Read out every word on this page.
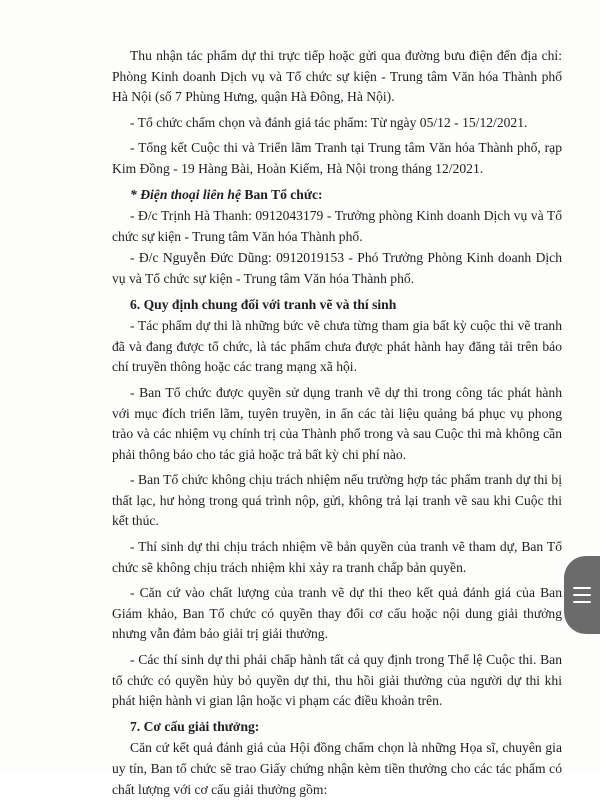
Thu nhận tác phẩm dự thi trực tiếp hoặc gửi qua đường bưu điện đến địa chỉ: Phòng Kinh doanh Dịch vụ và Tổ chức sự kiện - Trung tâm Văn hóa Thành phố Hà Nội (số 7 Phùng Hưng, quận Hà Đông, Hà Nội).

- Tổ chức chấm chọn và đánh giá tác phẩm: Từ ngày 05/12 - 15/12/2021.

- Tổng kết Cuộc thi và Triển lãm Tranh tại Trung tâm Văn hóa Thành phố, rạp Kim Đồng - 19 Hàng Bài, Hoàn Kiếm, Hà Nội trong tháng 12/2021.

* Điện thoại liên hệ Ban Tổ chức:

- Đ/c Trịnh Hà Thanh: 0912043179 - Trưởng phòng Kinh doanh Dịch vụ và Tổ chức sự kiện - Trung tâm Văn hóa Thành phố.

- Đ/c Nguyễn Đức Dũng: 0912019153 - Phó Trưởng Phòng Kinh doanh Dịch vụ và Tổ chức sự kiện - Trung tâm Văn hóa Thành phố.

6. Quy định chung đối với tranh vẽ và thí sinh

- Tác phẩm dự thi là những bức vẽ chưa từng tham gia bất kỳ cuộc thi vẽ tranh đã và đang được tổ chức, là tác phẩm chưa được phát hành hay đăng tải trên báo chí truyền thông hoặc các trang mạng xã hội.

- Ban Tổ chức được quyền sử dụng tranh vẽ dự thi trong công tác phát hành với mục đích triển lãm, tuyên truyền, in ấn các tài liệu quảng bá phục vụ phong trào và các nhiệm vụ chính trị của Thành phố trong và sau Cuộc thi mà không cần phải thông báo cho tác giả hoặc trả bất kỳ chi phí nào.

- Ban Tổ chức không chịu trách nhiệm nếu trường hợp tác phẩm tranh dự thi bị thất lạc, hư hỏng trong quá trình nộp, gửi, không trả lại tranh vẽ sau khi Cuộc thi kết thúc.

- Thí sinh dự thi chịu trách nhiệm về bản quyền của tranh vẽ tham dự, Ban Tổ chức sẽ không chịu trách nhiệm khi xảy ra tranh chấp bản quyền.

- Căn cứ vào chất lượng của tranh vẽ dự thi theo kết quả đánh giá của Ban Giám khảo, Ban Tổ chức có quyền thay đổi cơ cấu hoặc nội dung giải thưởng nhưng vẫn đảm bảo giải trị giải thưởng.

- Các thí sinh dự thi phải chấp hành tất cả quy định trong Thể lệ Cuộc thi. Ban tổ chức có quyền hủy bỏ quyền dự thi, thu hồi giải thưởng của người dự thi khi phát hiện hành vi gian lận hoặc vi phạm các điều khoản trên.

7. Cơ cấu giải thưởng:

Căn cứ kết quả đánh giá của Hội đồng chấm chọn là những Họa sĩ, chuyên gia uy tín, Ban tổ chức sẽ trao Giấy chứng nhận kèm tiền thưởng cho các tác phẩm có chất lượng với cơ cấu giải thưởng gồm:
